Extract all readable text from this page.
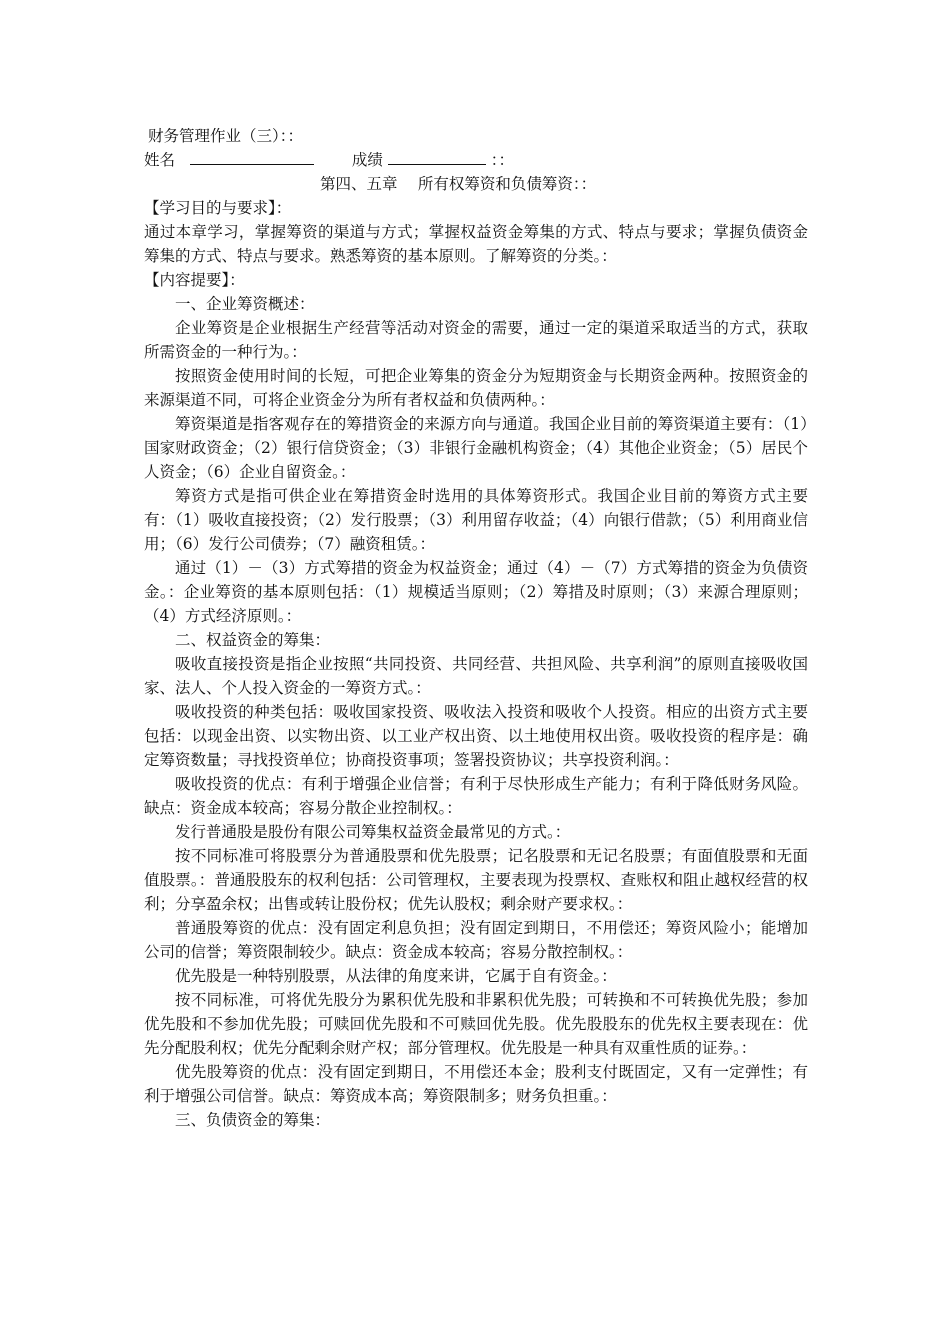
财务管理作业（三）：：
姓名	成绩	：：
第四、五章　 所有权筹资和负债筹资：：
【学习目的与要求】：
通过本章学习，掌握筹资的渠道与方式；掌握权益资金筹集的方式、特点与要求；掌握负债资金筹集的方式、特点与要求。熟悉筹资的基本原则。了解筹资的分类。：
【内容提要】：
一、企业筹资概述：
企业筹资是企业根据生产经营等活动对资金的需要，通过一定的渠道采取适当的方式，获取所需资金的一种行为。：
按照资金使用时间的长短，可把企业筹集的资金分为短期资金与长期资金两种。按照资金的来源渠道不同，可将企业资金分为所有者权益和负债两种。：
筹资渠道是指客观存在的筹措资金的来源方向与通道。我国企业目前的筹资渠道主要有：（1）国家财政资金；（2）银行信贷资金；（3）非银行金融机构资金；（4）其他企业资金；（5）居民个人资金；（6）企业自留资金。：
筹资方式是指可供企业在筹措资金时选用的具体筹资形式。我国企业目前的筹资方式主要有：（1）吸收直接投资；（2）发行股票；（3）利用留存收益；（4）向银行借款；（5）利用商业信用；（6）发行公司债券；（7）融资租赁。：
通过（1）－（3）方式筹措的资金为权益资金；通过（4）－（7）方式筹措的资金为负债资金。：企业筹资的基本原则包括：（1）规模适当原则；（2）筹措及时原则；（3）来源合理原则；（4）方式经济原则。：
二、权益资金的筹集：
吸收直接投资是指企业按照“共同投资、共同经营、共担风险、共享利润”的原则直接吸收国家、法人、个人投入资金的一筹资方式。：
吸收投资的种类包括：吸收国家投资、吸收法入投资和吸收个人投资。相应的出资方式主要包括：以现金出资、以实物出资、以工业产权出资、以土地使用权出资。吸收投资的程序是：确定筹资数量；寻找投资单位；协商投资事项；签署投资协议；共享投资利润。：
吸收投资的优点：有利于增强企业信誉；有利于尽快形成生产能力；有利于降低财务风险。缺点：资金成本较高；容易分散企业控制权。：
发行普通股是股份有限公司筹集权益资金最常见的方式。：
按不同标准可将股票分为普通股票和优先股票；记名股票和无记名股票；有面值股票和无面值股票。：普通股股东的权利包括：公司管理权，主要表现为投票权、查账权和阻止越权经营的权利；分享盈余权；出售或转让股份权；优先认股权；剩余财产要求权。：
普通股筹资的优点：没有固定利息负担；没有固定到期日，不用偿还；筹资风险小；能增加公司的信誉；筹资限制较少。缺点：资金成本较高；容易分散控制权。：
优先股是一种特别股票，从法律的角度来讲，它属于自有资金。：
按不同标准，可将优先股分为累积优先股和非累积优先股；可转换和不可转换优先股；参加优先股和不参加优先股；可赎回优先股和不可赎回优先股。优先股股东的优先权主要表现在：优先分配股利权；优先分配剩余财产权；部分管理权。优先股是一种具有双重性质的证券。：
优先股筹资的优点：没有固定到期日，不用偿还本金；股利支付既固定，又有一定弹性；有利于增强公司信誉。缺点：筹资成本高；筹资限制多；财务负担重。：
三、负债资金的筹集：
